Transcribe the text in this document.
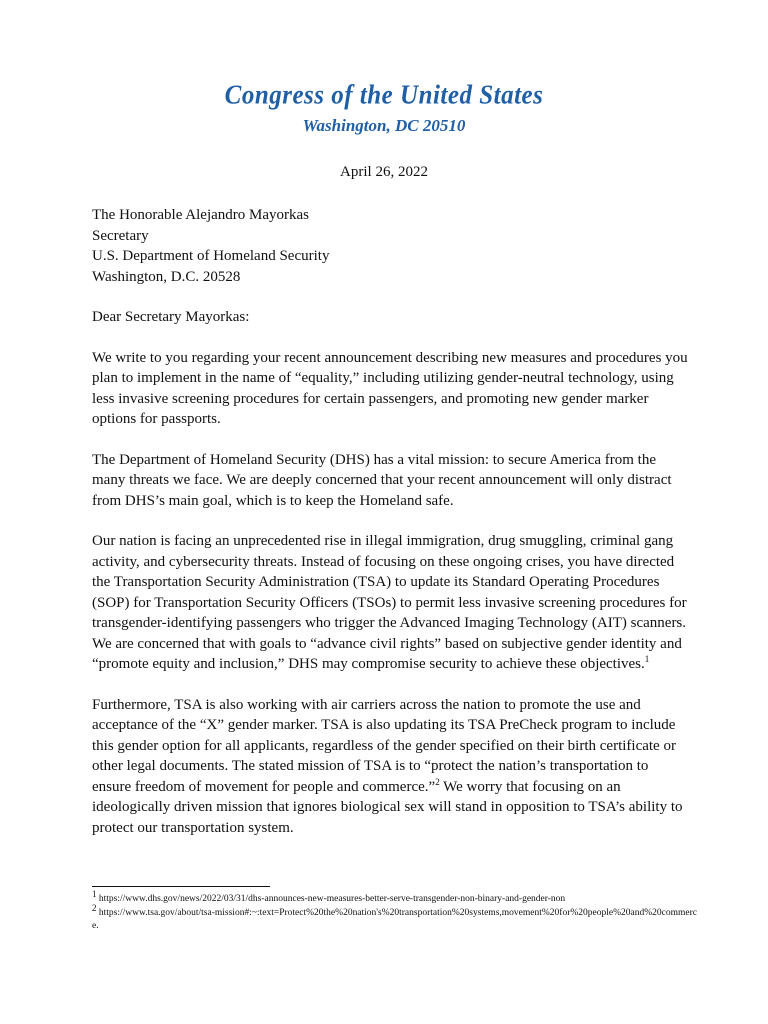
Congress of the United States
Washington, DC 20510
April 26, 2022
The Honorable Alejandro Mayorkas
Secretary
U.S. Department of Homeland Security
Washington, D.C. 20528

Dear Secretary Mayorkas:

We write to you regarding your recent announcement describing new measures and procedures you plan to implement in the name of “equality,” including utilizing gender-neutral technology, using less invasive screening procedures for certain passengers, and promoting new gender marker options for passports.

The Department of Homeland Security (DHS) has a vital mission: to secure America from the many threats we face. We are deeply concerned that your recent announcement will only distract from DHS’s main goal, which is to keep the Homeland safe.

Our nation is facing an unprecedented rise in illegal immigration, drug smuggling, criminal gang activity, and cybersecurity threats. Instead of focusing on these ongoing crises, you have directed the Transportation Security Administration (TSA) to update its Standard Operating Procedures (SOP) for Transportation Security Officers (TSOs) to permit less invasive screening procedures for transgender-identifying passengers who trigger the Advanced Imaging Technology (AIT) scanners. We are concerned that with goals to “advance civil rights” based on subjective gender identity and “promote equity and inclusion,” DHS may compromise security to achieve these objectives.$^1$

Furthermore, TSA is also working with air carriers across the nation to promote the use and acceptance of the “X” gender marker. TSA is also updating its TSA PreCheck program to include this gender option for all applicants, regardless of the gender specified on their birth certificate or other legal documents. The stated mission of TSA is to “protect the nation’s transportation to ensure freedom of movement for people and commerce.”$^2$ We worry that focusing on an ideologically driven mission that ignores biological sex will stand in opposition to TSA’s ability to protect our transportation system.

$^1$ https://www.dhs.gov/news/2022/03/31/dhs-announces-new-measures-better-serve-transgender-non-binary-and-gender-non
$^2$ https://www.tsa.gov/about/tsa-mission#:~:text=Protect%20the%20nation's%20transportation%20systems,movement%20for%20people%20and%20commerce.
